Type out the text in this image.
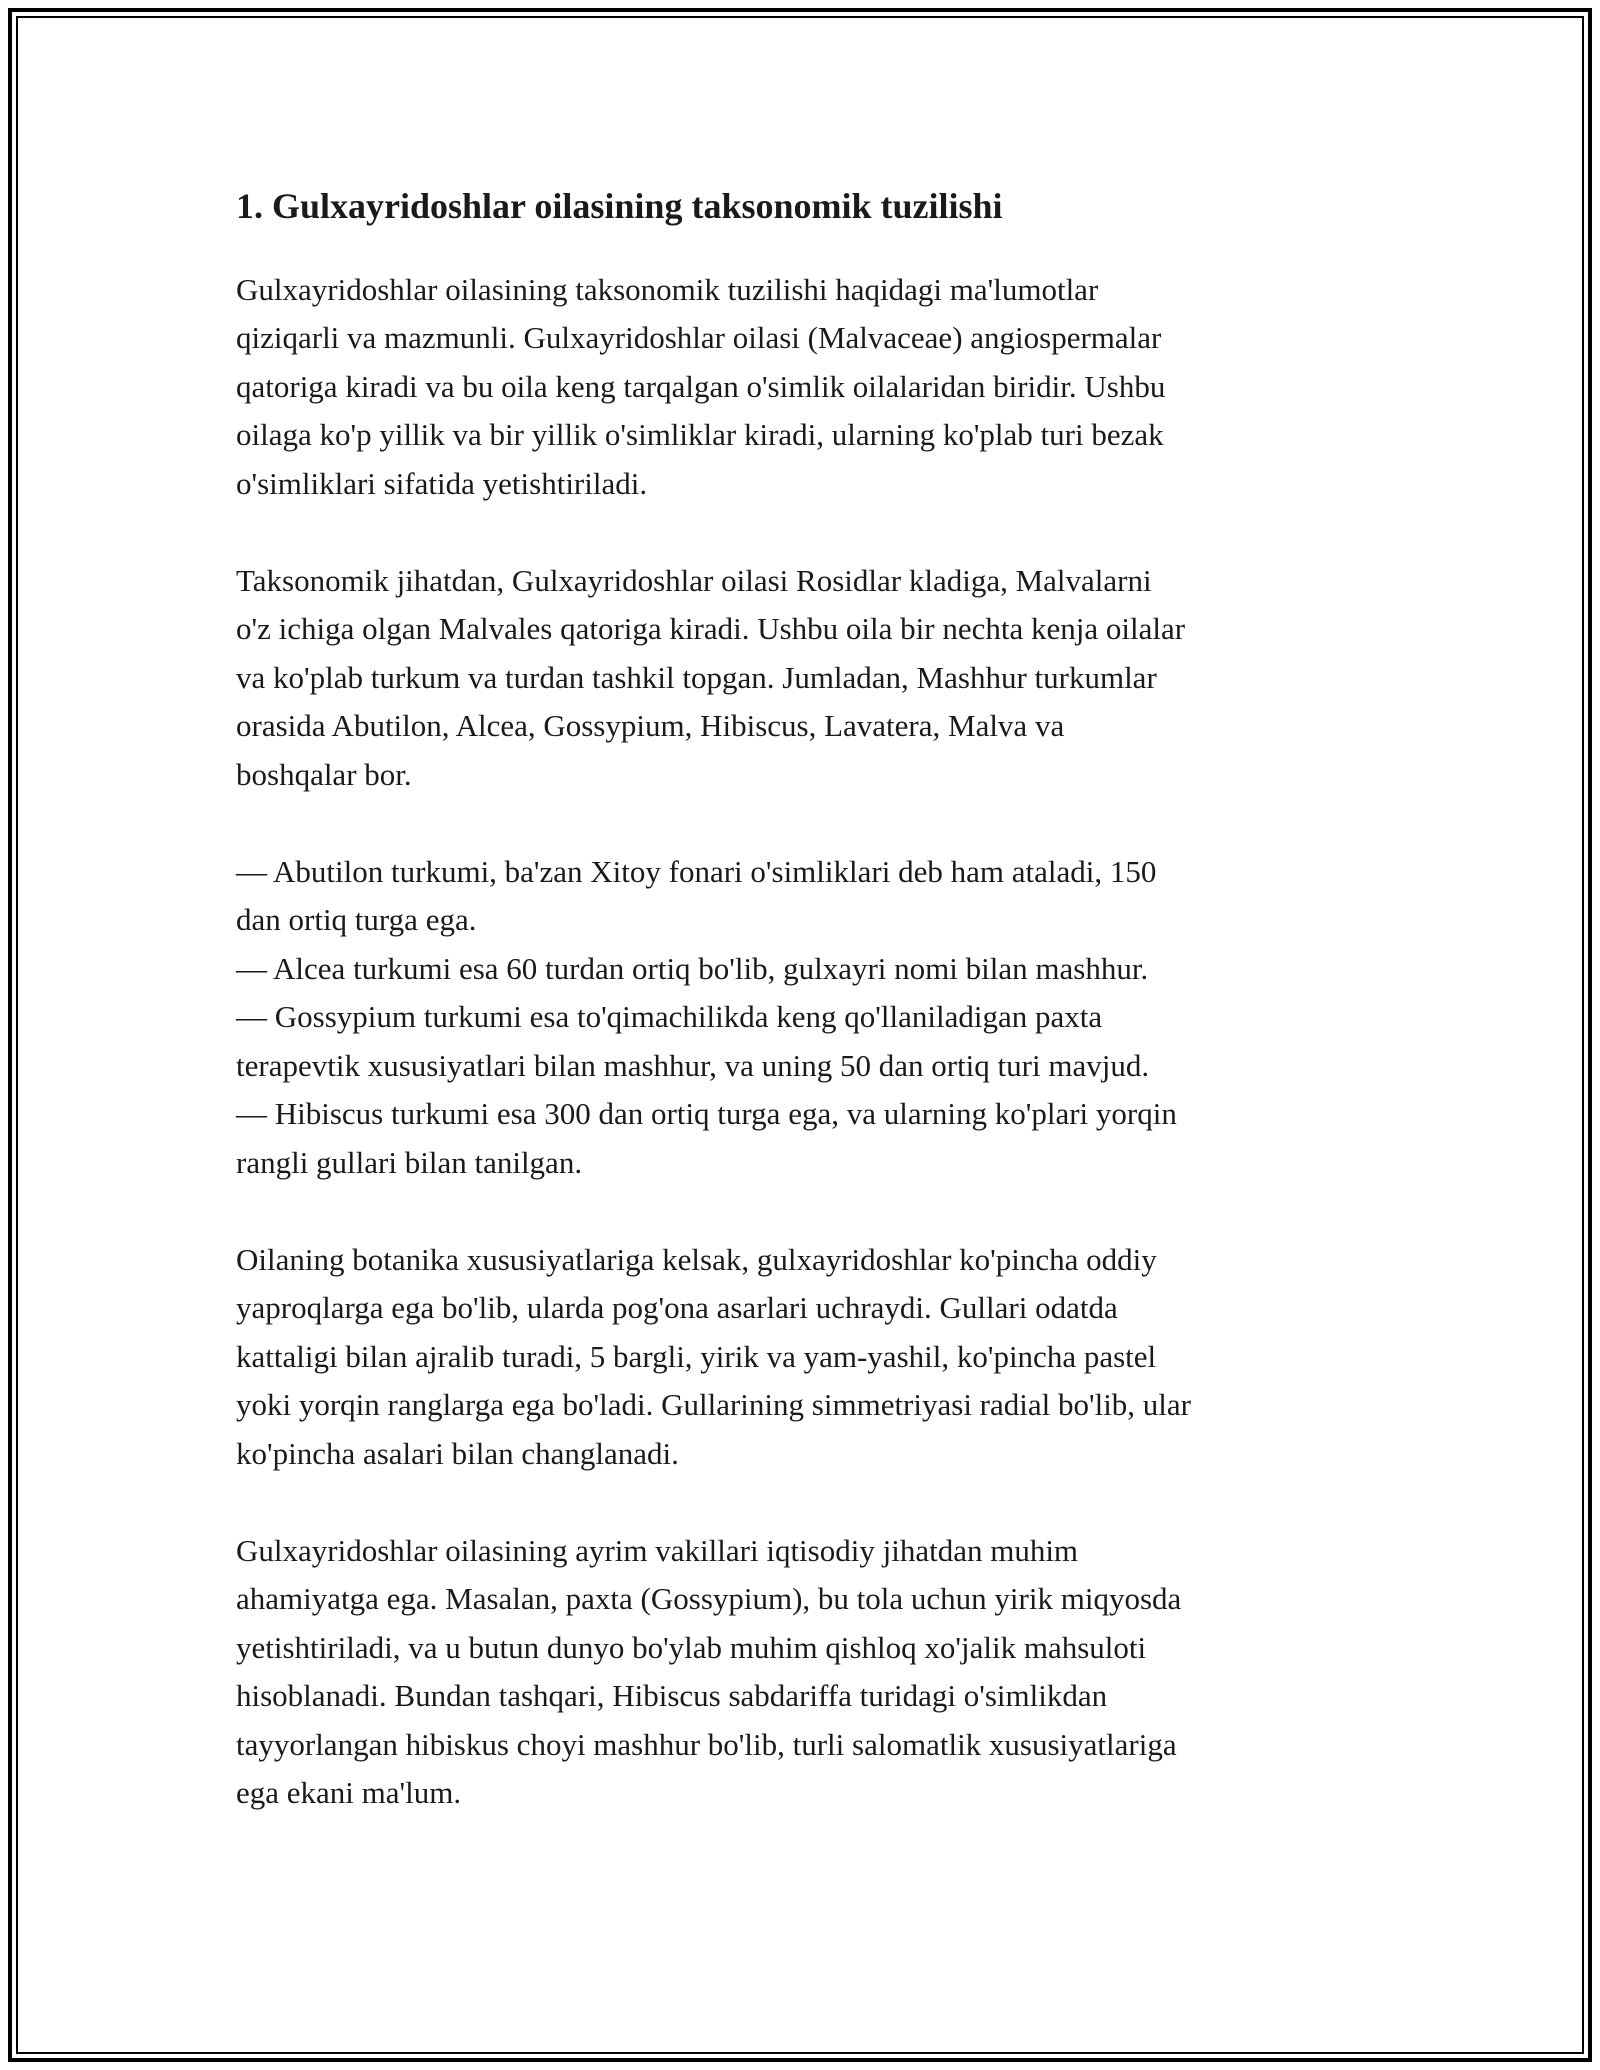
1. Gulxayridoshlar oilasining taksonomik tuzilishi

Gulxayridoshlar oilasining taksonomik tuzilishi haqidagi ma'lumotlar
qiziqarli va mazmunli. Gulxayridoshlar oilasi (Malvaceae) angiospermalar
qatoriga kiradi va bu oila keng tarqalgan o'simlik oilalaridan biridir. Ushbu
oilaga ko'p yillik va bir yillik o'simliklar kiradi, ularning ko'plab turi bezak
o'simliklari sifatida yetishtiriladi.

Taksonomik jihatdan, Gulxayridoshlar oilasi Rosidlar kladiga, Malvalarni
o'z ichiga olgan Malvales qatoriga kiradi. Ushbu oila bir nechta kenja oilalar
va ko'plab turkum va turdan tashkil topgan. Jumladan, Mashhur turkumlar
orasida Abutilon, Alcea, Gossypium, Hibiscus, Lavatera, Malva va
boshqalar bor.

— Abutilon turkumi, ba'zan Xitoy fonari o'simliklari deb ham ataladi, 150
dan ortiq turga ega.
— Alcea turkumi esa 60 turdan ortiq bo'lib, gulxayri nomi bilan mashhur.
— Gossypium turkumi esa to'qimachilikda keng qo'llaniladigan paxta
terapevtik xususiyatlari bilan mashhur, va uning 50 dan ortiq turi mavjud.
— Hibiscus turkumi esa 300 dan ortiq turga ega, va ularning ko'plari yorqin
rangli gullari bilan tanilgan.

Oilaning botanika xususiyatlariga kelsak, gulxayridoshlar ko'pincha oddiy
yaproqlarga ega bo'lib, ularda pog'ona asarlari uchraydi. Gullari odatda
kattaligi bilan ajralib turadi, 5 bargli, yirik va yam-yashil, ko'pincha pastel
yoki yorqin ranglarga ega bo'ladi. Gullarining simmetriyasi radial bo'lib, ular
ko'pincha asalari bilan changlanadi.

Gulxayridoshlar oilasining ayrim vakillari iqtisodiy jihatdan muhim
ahamiyatga ega. Masalan, paxta (Gossypium), bu tola uchun yirik miqyosda
yetishtiriladi, va u butun dunyo bo'ylab muhim qishloq xo'jalik mahsuloti
hisoblanadi. Bundan tashqari, Hibiscus sabdariffa turidagi o'simlikdan
tayyorlangan hibiskus choyi mashhur bo'lib, turli salomatlik xususiyatlariga
ega ekani ma'lum.
